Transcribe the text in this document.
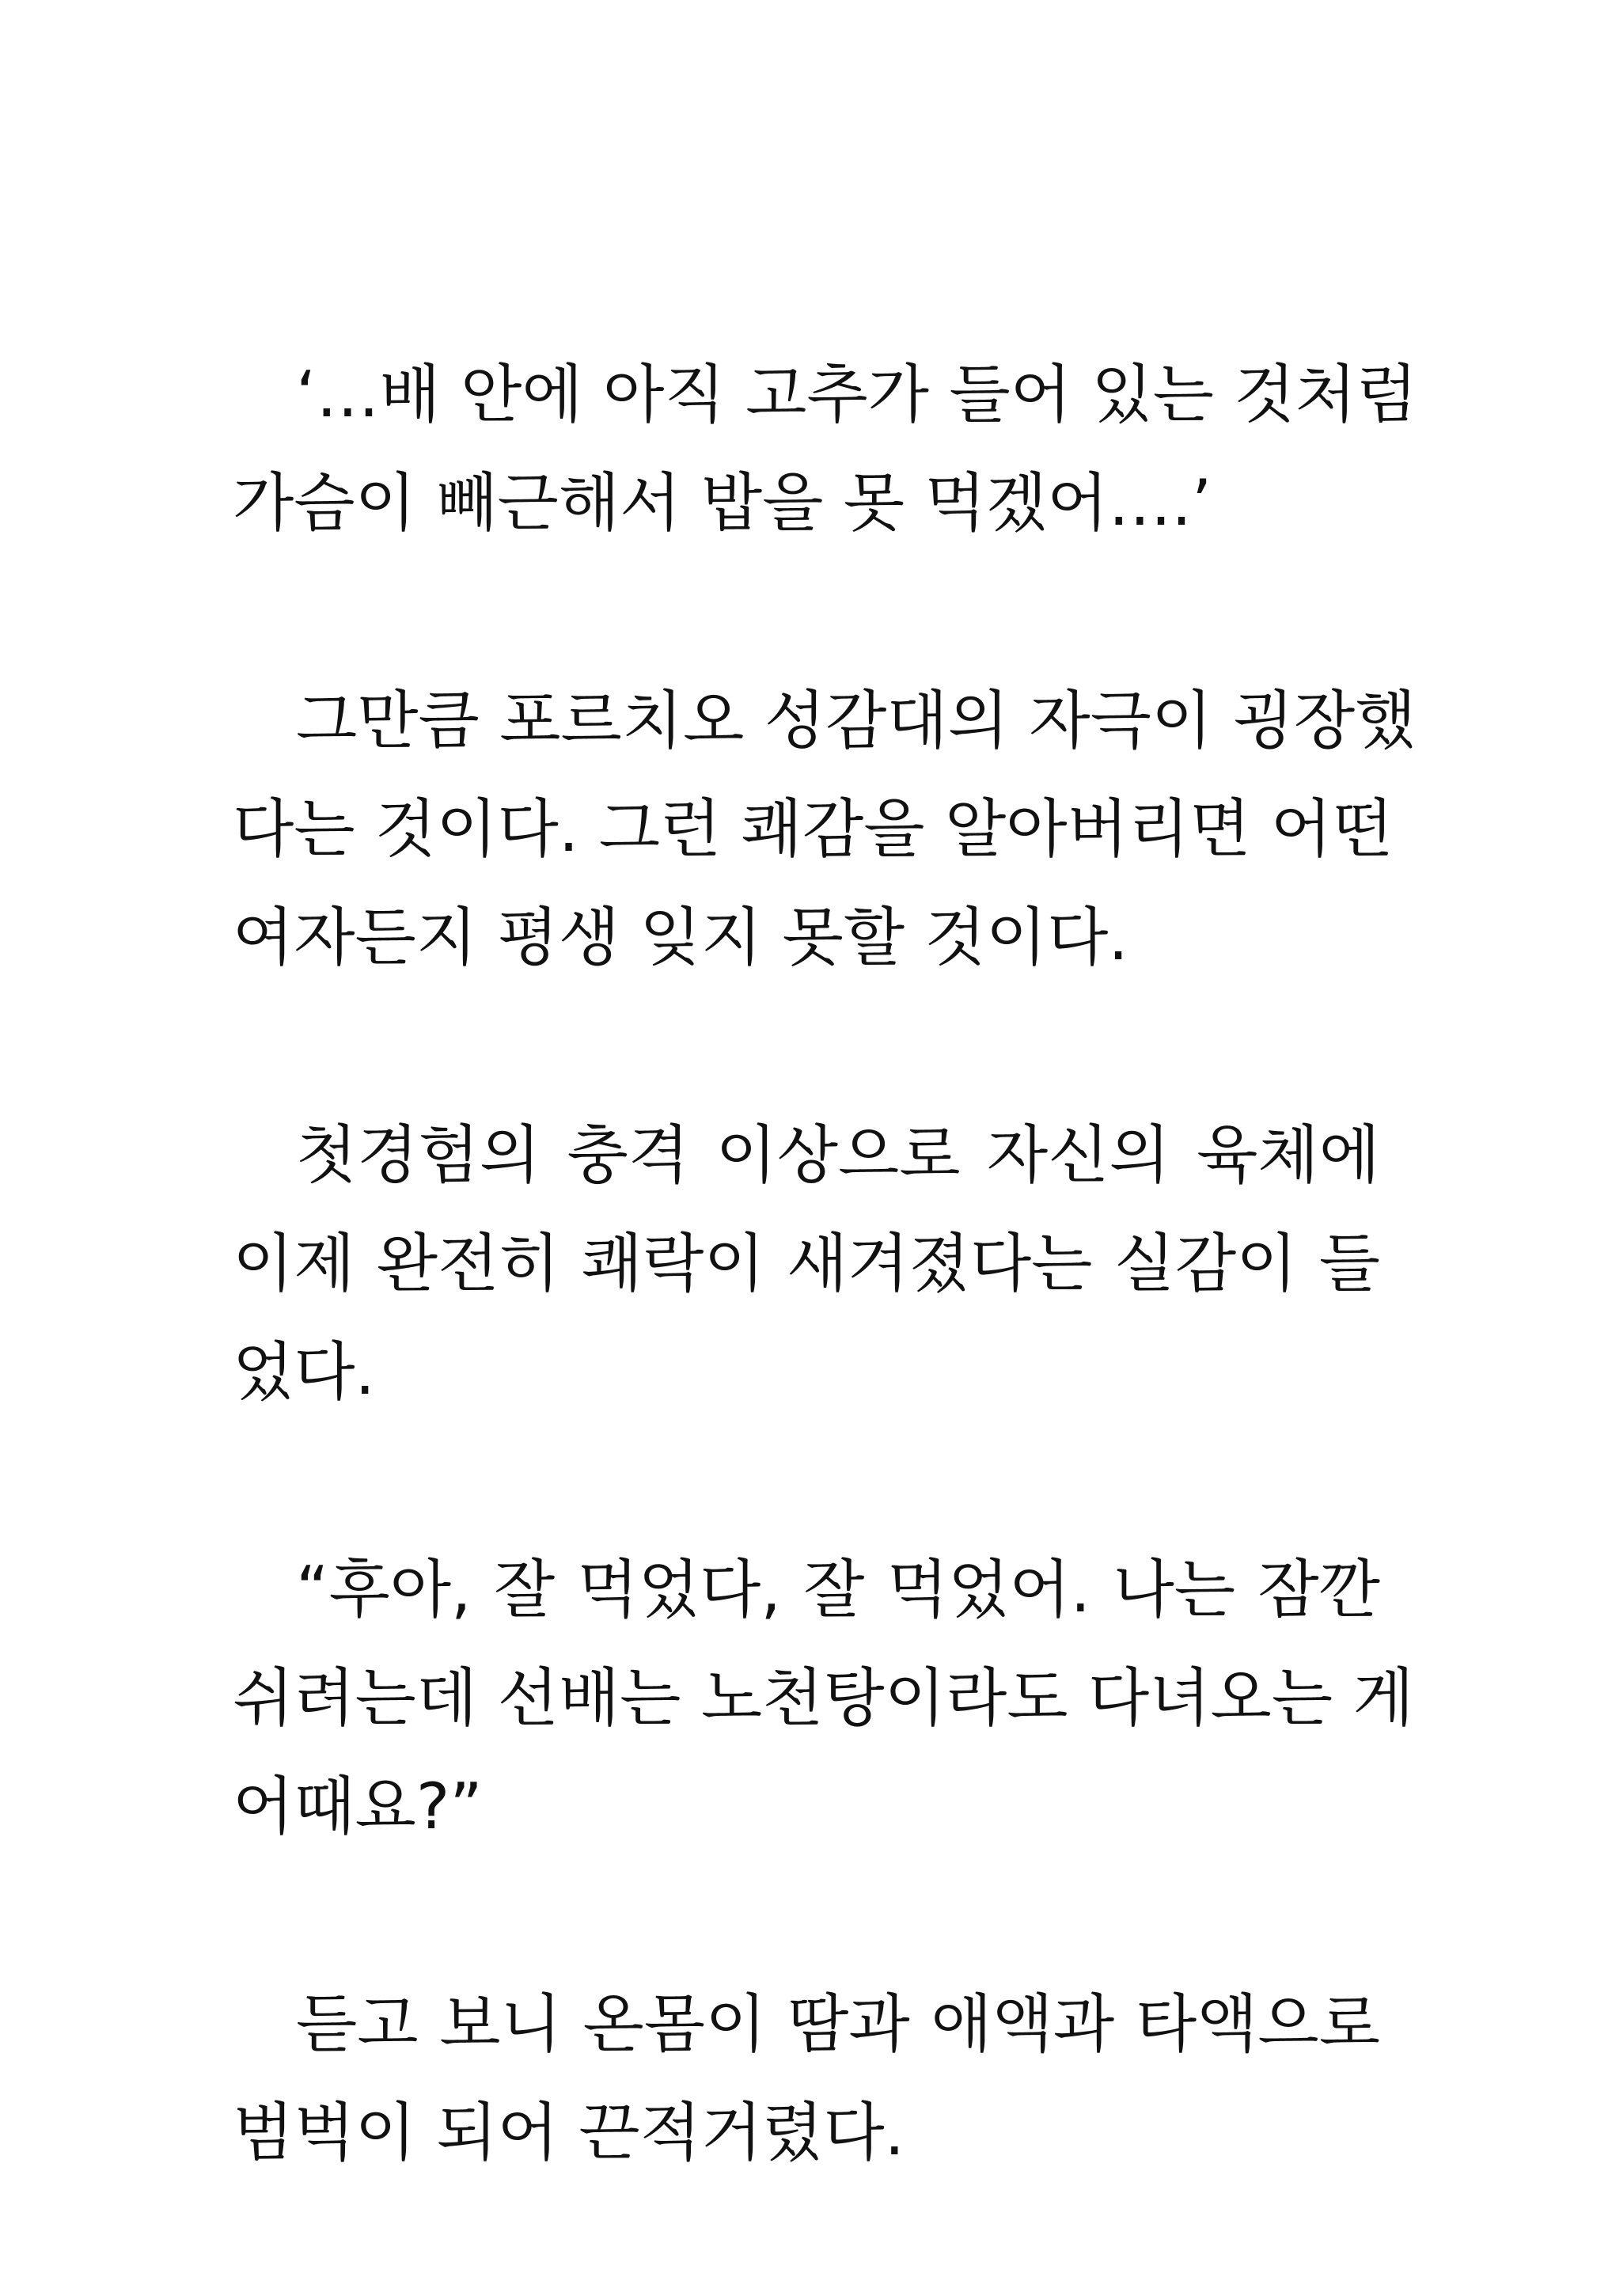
‘…배 안에 아직 고추가 들어 있는 것처럼
가슴이 빼근해서 밥을 못 먹겠어….’
그만큼 포르치오 성감대의 자극이 굉장했
다는 것이다. 그런 쾌감을 알아버리면 어떤
여자든지 평생 잊지 못할 것이다.
첫경험의 충격 이상으로 자신의 육체에
이제 완전히 쾌락이 새겨졌다는 실감이 들
었다.
“후아, 잘 먹었다, 잘 먹었어. 나는 잠깐
쉬려는데 선배는 노천탕이라도 다녀오는 게
어때요?”
듣고 보니 온몸이 땀과 애액과 타액으로
범벅이 되어 끈적거렸다.
